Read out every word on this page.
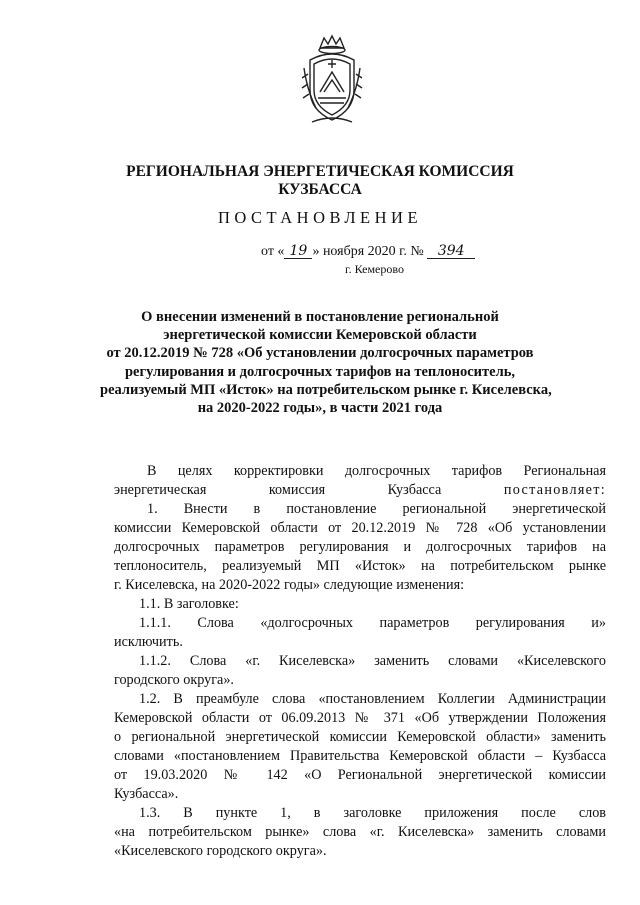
РЕГИОНАЛЬНАЯ ЭНЕРГЕТИЧЕСКАЯ КОМИССИЯ
КУЗБАССА
ПОСТАНОВЛЕНИЕ
от « 19 » ноября 2020 г. № 394
г. Кемерово
О внесении изменений в постановление региональной
энергетической комиссии Кемеровской области
от 20.12.2019 № 728 «Об установлении долгосрочных параметров
регулирования и долгосрочных тарифов на теплоноситель,
реализуемый МП «Исток» на потребительском рынке г. Киселевска,
на 2020-2022 годы», в части 2021 года
В целях корректировки долгосрочных тарифов Региональная
энергетическая комиссия Кузбасса	постановляет:
1. Внести в постановление региональной энергетической
комиссии Кемеровской области от 20.12.2019 № 728 «Об установлении
долгосрочных параметров регулирования и долгосрочных тарифов на
теплоноситель, реализуемый МП «Исток» на потребительском рынке
г. Киселевска, на 2020-2022 годы» следующие изменения:
1.1. В заголовке:
1.1.1. Слова «долгосрочных параметров регулирования и»
исключить.
1.1.2. Слова «г. Киселевска» заменить словами «Киселевского
городского округа».
1.2. В преамбуле слова «постановлением Коллегии Администрации
Кемеровской области от 06.09.2013 № 371 «Об утверждении Положения
о региональной энергетической комиссии Кемеровской области» заменить
словами «постановлением Правительства Кемеровской области – Кузбасса
от 19.03.2020 № 142 «О Региональной энергетической комиссии
Кузбасса».
1.3. В пункте 1, в заголовке приложения после слов
«на потребительском рынке» слова «г. Киселевска» заменить словами
«Киселевского городского округа».
